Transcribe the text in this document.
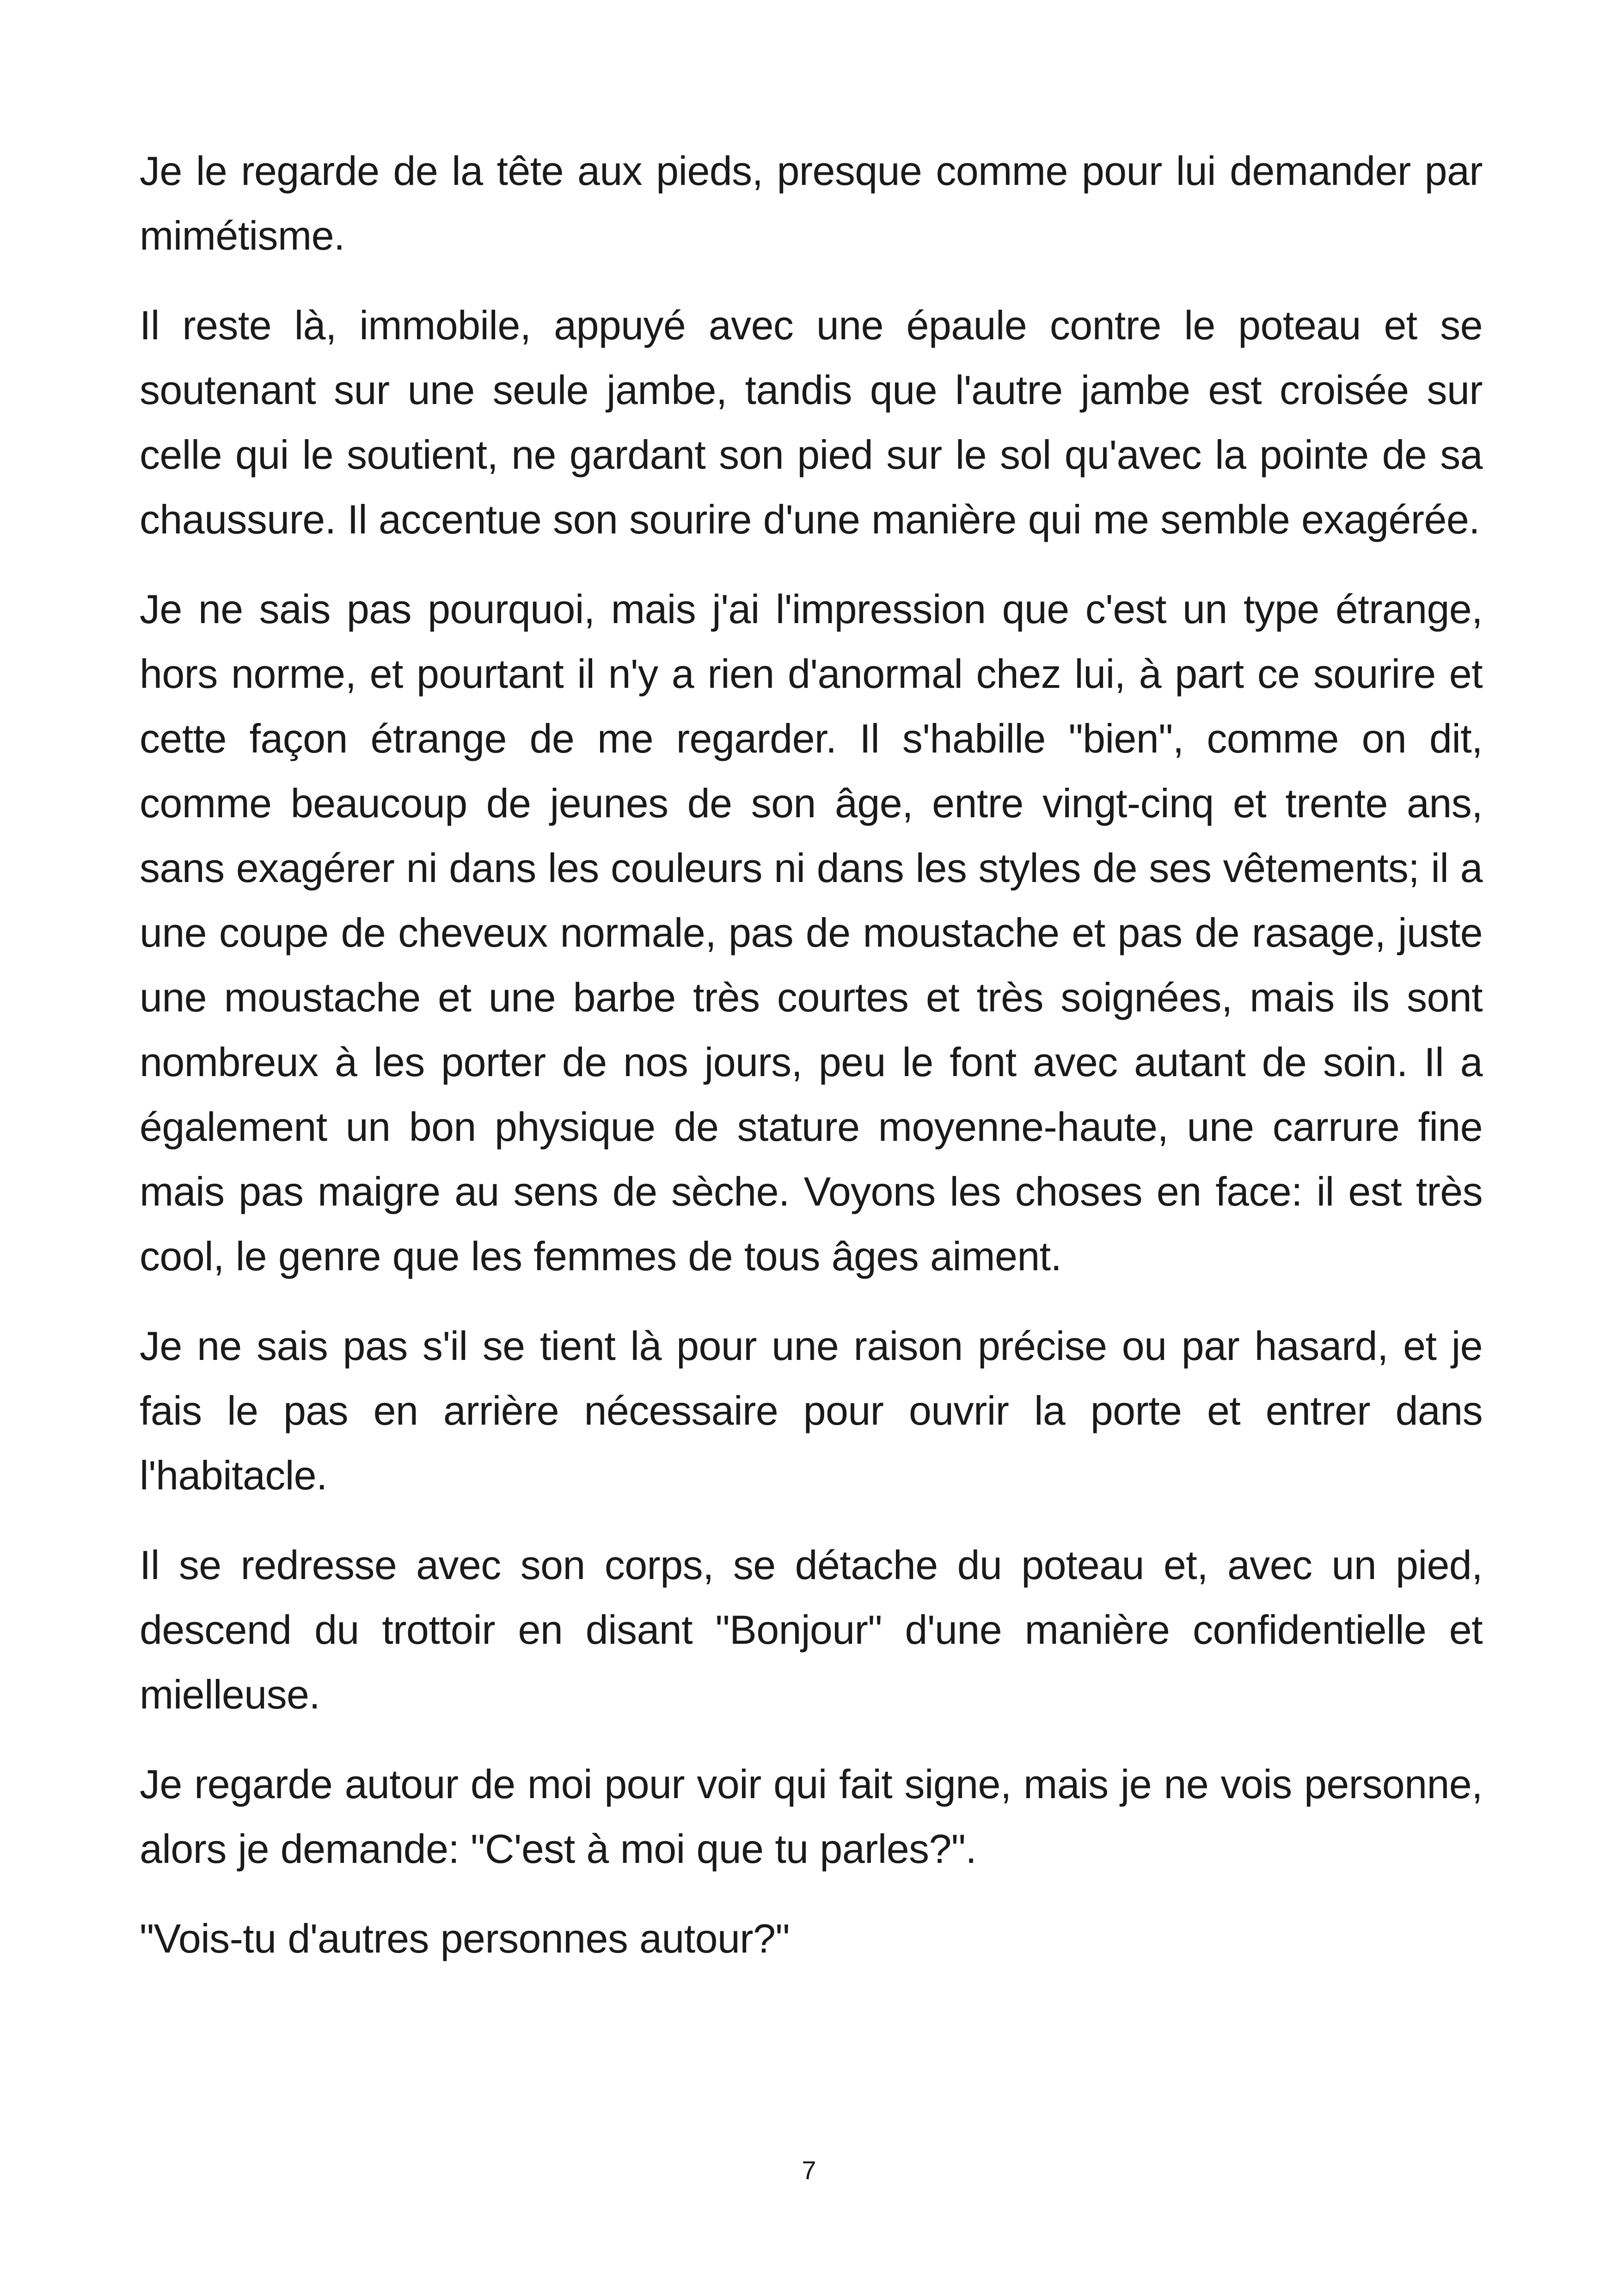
Je le regarde de la tête aux pieds, presque comme pour lui demander par mimétisme.

Il reste là, immobile, appuyé avec une épaule contre le poteau et se soutenant sur une seule jambe, tandis que l'autre jambe est croisée sur celle qui le soutient, ne gardant son pied sur le sol qu'avec la pointe de sa chaussure. Il accentue son sourire d'une manière qui me semble exagérée.

Je ne sais pas pourquoi, mais j'ai l'impression que c'est un type étrange, hors norme, et pourtant il n'y a rien d'anormal chez lui, à part ce sourire et cette façon étrange de me regarder. Il s'habille "bien", comme on dit, comme beaucoup de jeunes de son âge, entre vingt-cinq et trente ans, sans exagérer ni dans les couleurs ni dans les styles de ses vêtements; il a une coupe de cheveux normale, pas de moustache et pas de rasage, juste une moustache et une barbe très courtes et très soignées, mais ils sont nombreux à les porter de nos jours, peu le font avec autant de soin. Il a également un bon physique de stature moyenne-haute, une carrure fine mais pas maigre au sens de sèche. Voyons les choses en face: il est très cool, le genre que les femmes de tous âges aiment.

Je ne sais pas s'il se tient là pour une raison précise ou par hasard, et je fais le pas en arrière nécessaire pour ouvrir la porte et entrer dans l'habitacle.

Il se redresse avec son corps, se détache du poteau et, avec un pied, descend du trottoir en disant "Bonjour" d'une manière confidentielle et mielleuse.

Je regarde autour de moi pour voir qui fait signe, mais je ne vois personne, alors je demande: "C'est à moi que tu parles?".

"Vois-tu d'autres personnes autour?"

7
